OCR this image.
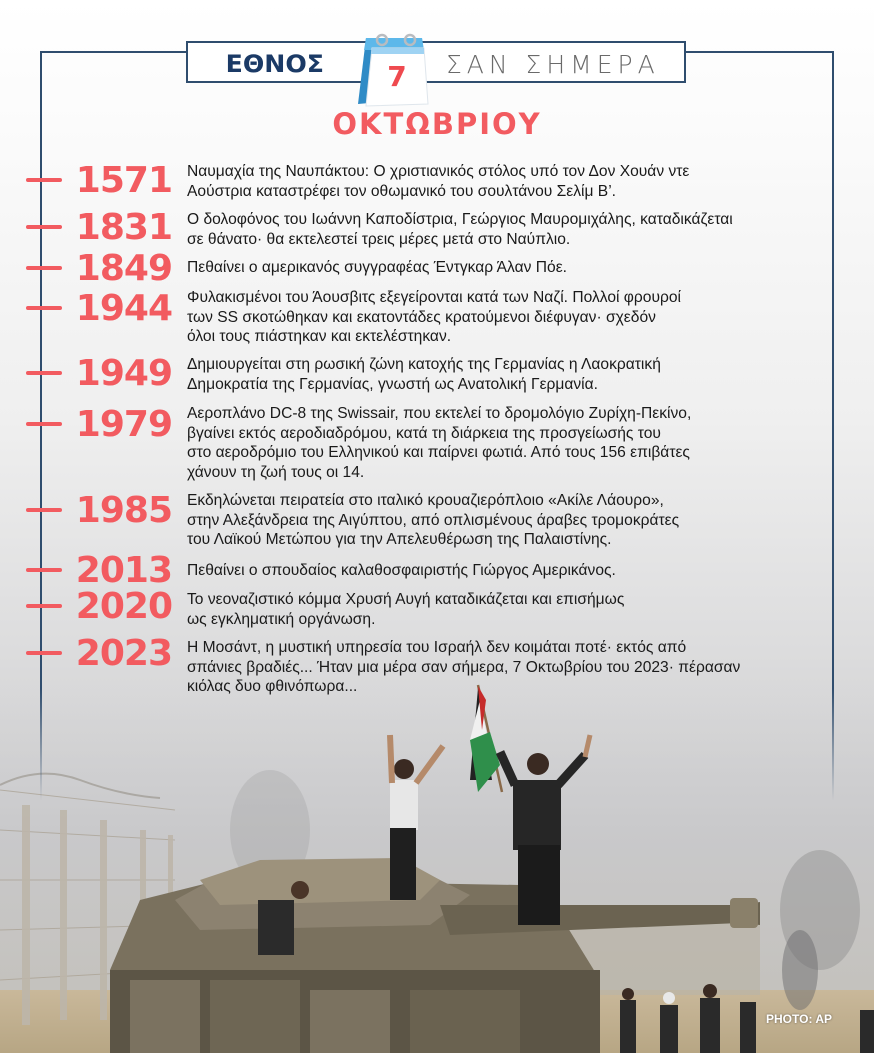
ΕΘΝΟΣ	ΣΑΝ ΣΗΜΕΡΑ
7
ΟΚΤΩΒΡΙΟΥ
1571 Ναυμαχία της Ναυπάκτου: Ο χριστιανικός στόλος υπό τον Δον Χουάν ντε
Αούστρια καταστρέφει τον οθωμανικό του σουλτάνου Σελίμ Β’.
1831 Ο δολοφόνος του Ιωάννη Καποδίστρια, Γεώργιος Μαυρομιχάλης, καταδικάζεται
σε θάνατο· θα εκτελεστεί τρεις μέρες μετά στο Ναύπλιο.
1849 Πεθαίνει ο αμερικανός συγγραφέας Έντγκαρ Άλαν Πόε.
1944 Φυλακισμένοι του Άουσβιτς εξεγείρονται κατά των Ναζί. Πολλοί φρουροί
των SS σκοτώθηκαν και εκατοντάδες κρατούμενοι διέφυγαν· σχεδόν
όλοι τους πιάστηκαν και εκτελέστηκαν.
1949 Δημιουργείται στη ρωσική ζώνη κατοχής της Γερμανίας η Λαοκρατική
Δημοκρατία της Γερμανίας, γνωστή ως Ανατολική Γερμανία.
1979 Αεροπλάνο DC-8 της Swissair, που εκτελεί το δρομολόγιο Ζυρίχη-Πεκίνο,
βγαίνει εκτός αεροδιαδρόμου, κατά τη διάρκεια της προσγείωσής του
στο αεροδρόμιο του Ελληνικού και παίρνει φωτιά. Από τους 156 επιβάτες
χάνουν τη ζωή τους οι 14.
1985 Εκδηλώνεται πειρατεία στο ιταλικό κρουαζιερόπλοιο «Ακίλε Λάουρο»,
στην Αλεξάνδρεια της Αιγύπτου, από οπλισμένους άραβες τρομοκράτες
του Λαϊκού Μετώπου για την Απελευθέρωση της Παλαιστίνης.
2013 Πεθαίνει ο σπουδαίος καλαθοσφαιριστής Γιώργος Αμερικάνος.
2020 Το νεοναζιστικό κόμμα Χρυσή Αυγή καταδικάζεται και επισήμως
ως εγκληματική οργάνωση.
2023 Η Μοσάντ, η μυστική υπηρεσία του Ισραήλ δεν κοιμάται ποτέ· εκτός από
σπάνιες βραδιές... Ήταν μια μέρα σαν σήμερα, 7 Οκτωβρίου του 2023· πέρασαν
κιόλας δυο φθινόπωρα...
PHOTO: AP
